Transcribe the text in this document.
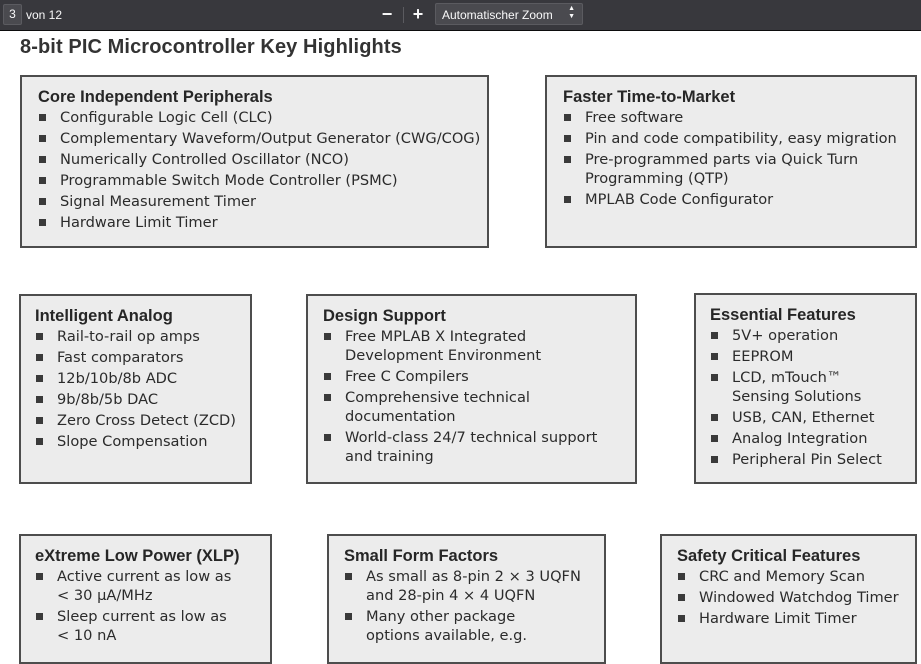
3 von 12	−	+	Automatischer Zoom ▲
▼
8-bit PIC Microcontroller Key Highlights
Core Independent Peripherals
Configurable Logic Cell (CLC)
Complementary Waveform/Output Generator (CWG/COG)
Numerically Controlled Oscillator (NCO)
Programmable Switch Mode Controller (PSMC)
Signal Measurement Timer
Hardware Limit Timer
Faster Time-to-Market
Free software
Pin and code compatibility, easy migration
Pre-programmed parts via Quick Turn
Programming (QTP)
MPLAB Code Configurator
Intelligent Analog
Rail-to-rail op amps
Fast comparators
12b/10b/8b ADC
9b/8b/5b DAC
Zero Cross Detect (ZCD)
Slope Compensation
Design Support
Free MPLAB X Integrated
Development Environment
Free C Compilers
Comprehensive technical
documentation
World-class 24/7 technical support
and training
Essential Features
5V+ operation
EEPROM
LCD, mTouch™
Sensing Solutions
USB, CAN, Ethernet
Analog Integration
Peripheral Pin Select
eXtreme Low Power (XLP)
Active current as low as
< 30 µA/MHz
Sleep current as low as
< 10 nA
Small Form Factors
As small as 8-pin 2 × 3 UQFN
and 28-pin 4 × 4 UQFN
Many other package
options available, e.g.
Safety Critical Features
CRC and Memory Scan
Windowed Watchdog Timer
Hardware Limit Timer
